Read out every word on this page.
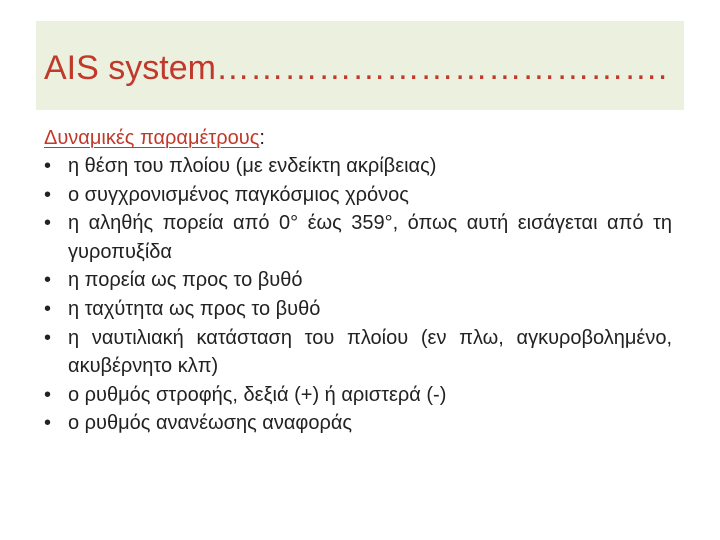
AIS system………………………………….
Δυναμικές παραμέτρους:
• η θέση του πλοίου (με ενδείκτη ακρίβειας)
• ο συγχρονισμένος παγκόσμιος χρόνος
• η αληθής πορεία από 0° έως 359°, όπως αυτή εισάγεται από τη γυροπυξίδα
• η πορεία ως προς το βυθό
• η ταχύτητα ως προς το βυθό
• η ναυτιλιακή κατάσταση του πλοίου (εν πλω, αγκυροβολημένο, ακυβέρνητο κλπ)
• ο ρυθμός στροφής, δεξιά (+) ή αριστερά (-)
• ο ρυθμός ανανέωσης αναφοράς
